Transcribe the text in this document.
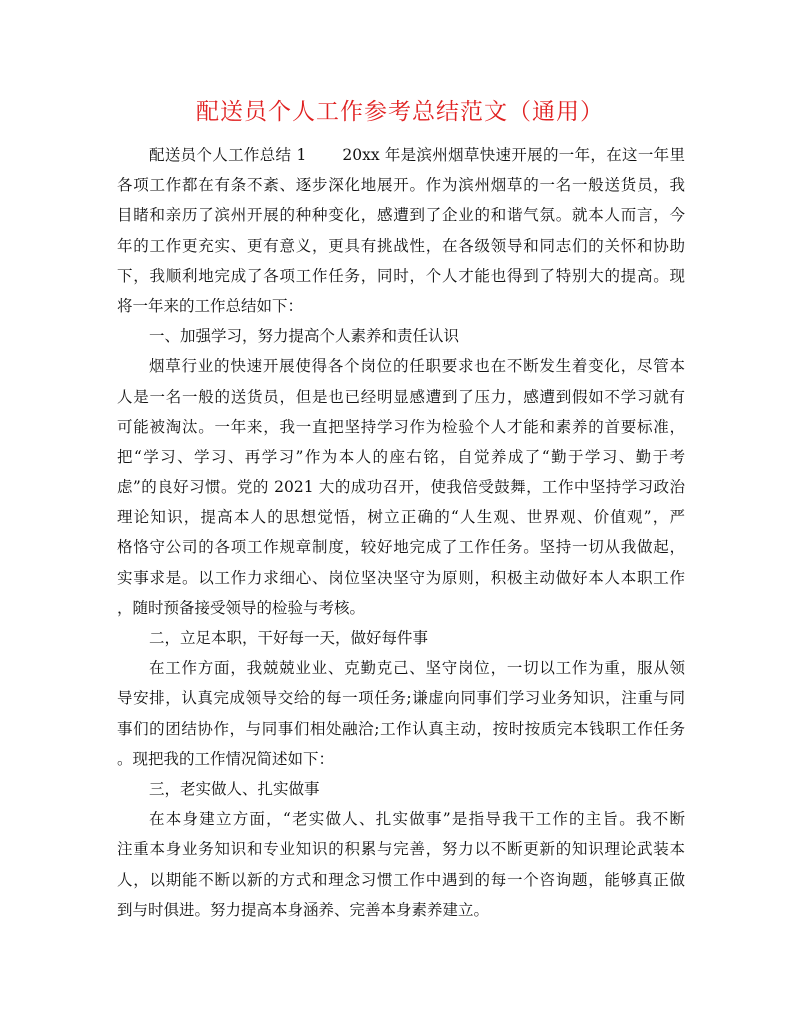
配送员个人工作参考总结范文（通用）
配送员个人工作总结 1 20xx 年是滨州烟草快速开展的一年，在这一年里
各项工作都在有条不紊、逐步深化地展开。作为滨州烟草的一名一般送货员，我
目睹和亲历了滨州开展的种种变化，感遭到了企业的和谐气氛。就本人而言，今
年的工作更充实、更有意义，更具有挑战性，在各级领导和同志们的关怀和协助
下，我顺利地完成了各项工作任务，同时，个人才能也得到了特别大的提高。现
将一年来的工作总结如下：
一、加强学习，努力提高个人素养和责任认识
烟草行业的快速开展使得各个岗位的任职要求也在不断发生着变化，尽管本
人是一名一般的送货员，但是也已经明显感遭到了压力，感遭到假如不学习就有
可能被淘汰。一年来，我一直把坚持学习作为检验个人才能和素养的首要标准，
把“学习、学习、再学习”作为本人的座右铭，自觉养成了“勤于学习、勤于考
虑”的良好习惯。党的 2021 大的成功召开，使我倍受鼓舞，工作中坚持学习政治
理论知识，提高本人的思想觉悟，树立正确的“人生观、世界观、价值观”，严
格恪守公司的各项工作规章制度，较好地完成了工作任务。坚持一切从我做起，
实事求是。以工作力求细心、岗位坚决坚守为原则，积极主动做好本人本职工作
，随时预备接受领导的检验与考核。
二，立足本职，干好每一天，做好每件事
在工作方面，我兢兢业业、克勤克己、坚守岗位，一切以工作为重，服从领
导安排，认真完成领导交给的每一项任务;谦虚向同事们学习业务知识，注重与同
事们的团结协作，与同事们相处融洽;工作认真主动，按时按质完本钱职工作任务
。现把我的工作情况简述如下：
三，老实做人、扎实做事
在本身建立方面，“老实做人、扎实做事”是指导我干工作的主旨。我不断
注重本身业务知识和专业知识的积累与完善，努力以不断更新的知识理论武装本
人，以期能不断以新的方式和理念习惯工作中遇到的每一个咨询题，能够真正做
到与时俱进。努力提高本身涵养、完善本身素养建立。
